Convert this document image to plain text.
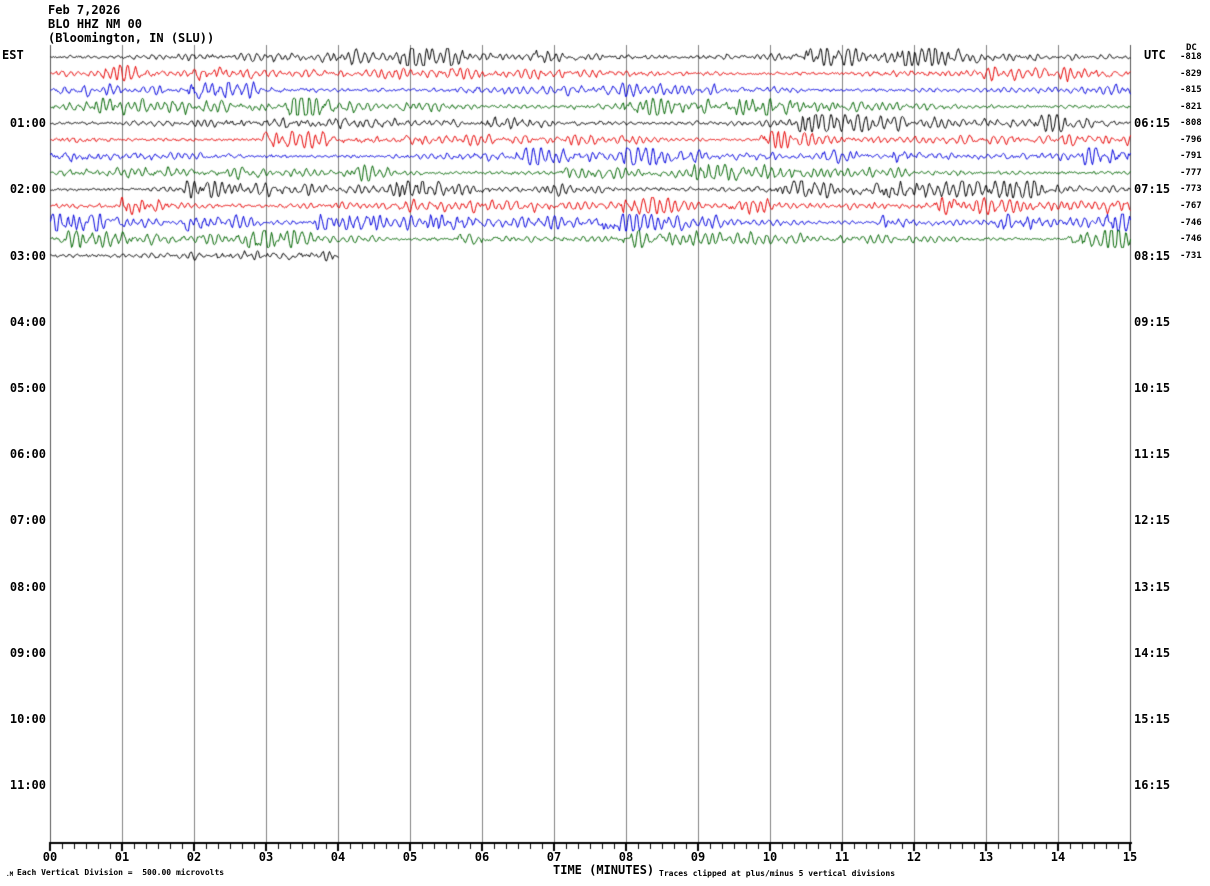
Feb 7,2026
BLO HHZ NM 00
(Bloomington, IN (SLU))
EST	UTC DC
01:00
02:00
03:00
04:00
05:00
06:00
07:00
08:00
09:00
10:00
11:00
06:15
07:15
08:15
09:15
10:15
11:15
12:15
13:15
14:15
15:15
16:15
-818
-829
-815
-821
-808
-796
-791
-777
-773
-767
-746
-746
-731
00	01	02	03	04	05	06	07	08	09	10	11	12	13	14	15
TIME (MINUTES)
.M Each Vertical Division =  500.00 microvolts	Traces clipped at plus/minus 5 vertical divisions
